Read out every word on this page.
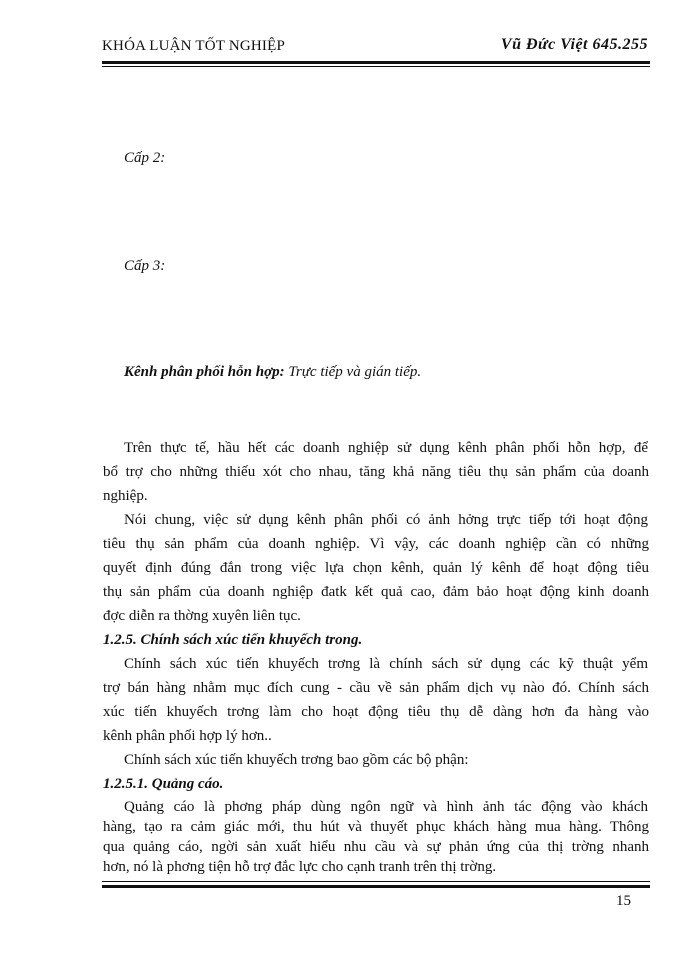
KHÓA LUẬN TỐT NGHIỆP	Vũ Đức Việt 645.255
Cấp 2:
Cấp 3:
Kênh phân phối hỗn hợp: Trực tiếp và gián tiếp.
Trên thực tế, hầu hết các doanh nghiệp sử dụng kênh phân phối hỗn hợp, để
bổ trợ cho những thiếu xót cho nhau, tăng khả năng tiêu thụ sản phẩm của doanh
nghiệp.
Nói chung, việc sử dụng kênh phân phối có ảnh hởng trực tiếp tới hoạt động
tiêu thụ sản phẩm của doanh nghiệp. Vì vậy, các doanh nghiệp cần có những
quyết định đúng đắn trong việc lựa chọn kênh, quản lý kênh để hoạt động tiêu
thụ sản phẩm của doanh nghiệp đatk kết quả cao, đảm bảo hoạt động kinh doanh
đợc diễn ra thờng xuyên liên tục.
1.2.5. Chính sách xúc tiến khuyếch trong.
Chính sách xúc tiến khuyếch trơng là chính sách sử dụng các kỹ thuật yểm
trợ bán hàng nhằm mục đích cung - cầu về sản phẩm dịch vụ nào đó. Chính sách
xúc tiến khuyếch trơng làm cho hoạt động tiêu thụ dễ dàng hơn đa hàng vào
kênh phân phối hợp lý hơn..
Chính sách xúc tiến khuyếch trơng bao gồm các bộ phận:
1.2.5.1. Quảng cáo.
15
Quảng cáo là phơng pháp dùng ngôn ngữ và hình ảnh tác động vào khách
hàng, tạo ra cảm giác mới, thu hút và thuyết phục khách hàng mua hàng. Thông
qua quảng cáo, ngời sản xuất hiểu nhu cầu và sự phản ứng của thị trờng nhanh
hơn, nó là phơng tiện hỗ trợ đắc lực cho cạnh tranh trên thị trờng.
